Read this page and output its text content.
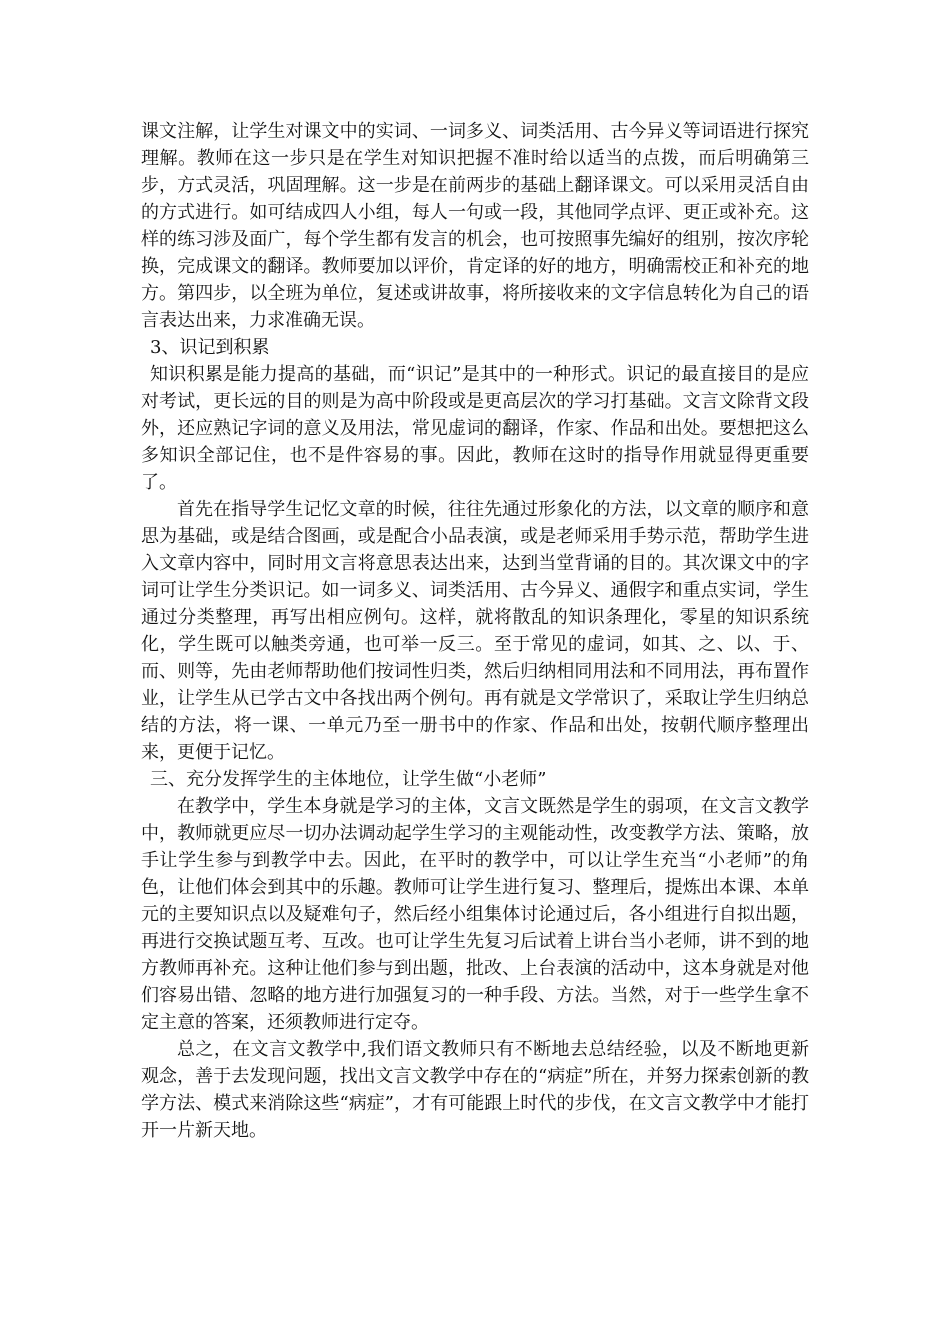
课文注解，让学生对课文中的实词、一词多义、词类活用、古今异义等词语进行探究理解。教师在这一步只是在学生对知识把握不准时给以适当的点拨，而后明确第三步，方式灵活，巩固理解。这一步是在前两步的基础上翻译课文。可以采用灵活自由的方式进行。如可结成四人小组，每人一句或一段，其他同学点评、更正或补充。这样的练习涉及面广，每个学生都有发言的机会，也可按照事先编好的组别，按次序轮换，完成课文的翻译。教师要加以评价，肯定译的好的地方，明确需校正和补充的地方。第四步，以全班为单位，复述或讲故事，将所接收来的文字信息转化为自己的语言表达出来，力求准确无误。

3、识记到积累

知识积累是能力提高的基础，而“识记”是其中的一种形式。识记的最直接目的是应对考试，更长远的目的则是为高中阶段或是更高层次的学习打基础。文言文除背文段外，还应熟记字词的意义及用法，常见虚词的翻译，作家、作品和出处。要想把这么多知识全部记住，也不是件容易的事。因此，教师在这时的指导作用就显得更重要了。

首先在指导学生记忆文章的时候，往往先通过形象化的方法，以文章的顺序和意思为基础，或是结合图画，或是配合小品表演，或是老师采用手势示范，帮助学生进入文章内容中，同时用文言将意思表达出来，达到当堂背诵的目的。其次课文中的字词可让学生分类识记。如一词多义、词类活用、古今异义、通假字和重点实词，学生通过分类整理，再写出相应例句。这样，就将散乱的知识条理化，零星的知识系统化，学生既可以触类旁通，也可举一反三。至于常见的虚词，如其、之、以、于、而、则等，先由老师帮助他们按词性归类，然后归纳相同用法和不同用法，再布置作业，让学生从已学古文中各找出两个例句。再有就是文学常识了，采取让学生归纳总结的方法，将一课、一单元乃至一册书中的作家、作品和出处，按朝代顺序整理出来，更便于记忆。

三、充分发挥学生的主体地位，让学生做“小老师”

在教学中，学生本身就是学习的主体，文言文既然是学生的弱项，在文言文教学中，教师就更应尽一切办法调动起学生学习的主观能动性，改变教学方法、策略，放手让学生参与到教学中去。因此，在平时的教学中，可以让学生充当“小老师”的角色，让他们体会到其中的乐趣。教师可让学生进行复习、整理后，提炼出本课、本单元的主要知识点以及疑难句子，然后经小组集体讨论通过后，各小组进行自拟出题，再进行交换试题互考、互改。也可让学生先复习后试着上讲台当小老师，讲不到的地方教师再补充。这种让他们参与到出题，批改、上台表演的活动中，这本身就是对他们容易出错、忽略的地方进行加强复习的一种手段、方法。当然，对于一些学生拿不定主意的答案，还须教师进行定夺。

总之，在文言文教学中,我们语文教师只有不断地去总结经验，以及不断地更新观念，善于去发现问题，找出文言文教学中存在的“病症”所在，并努力探索创新的教学方法、模式来消除这些“病症”，才有可能跟上时代的步伐，在文言文教学中才能打开一片新天地。
